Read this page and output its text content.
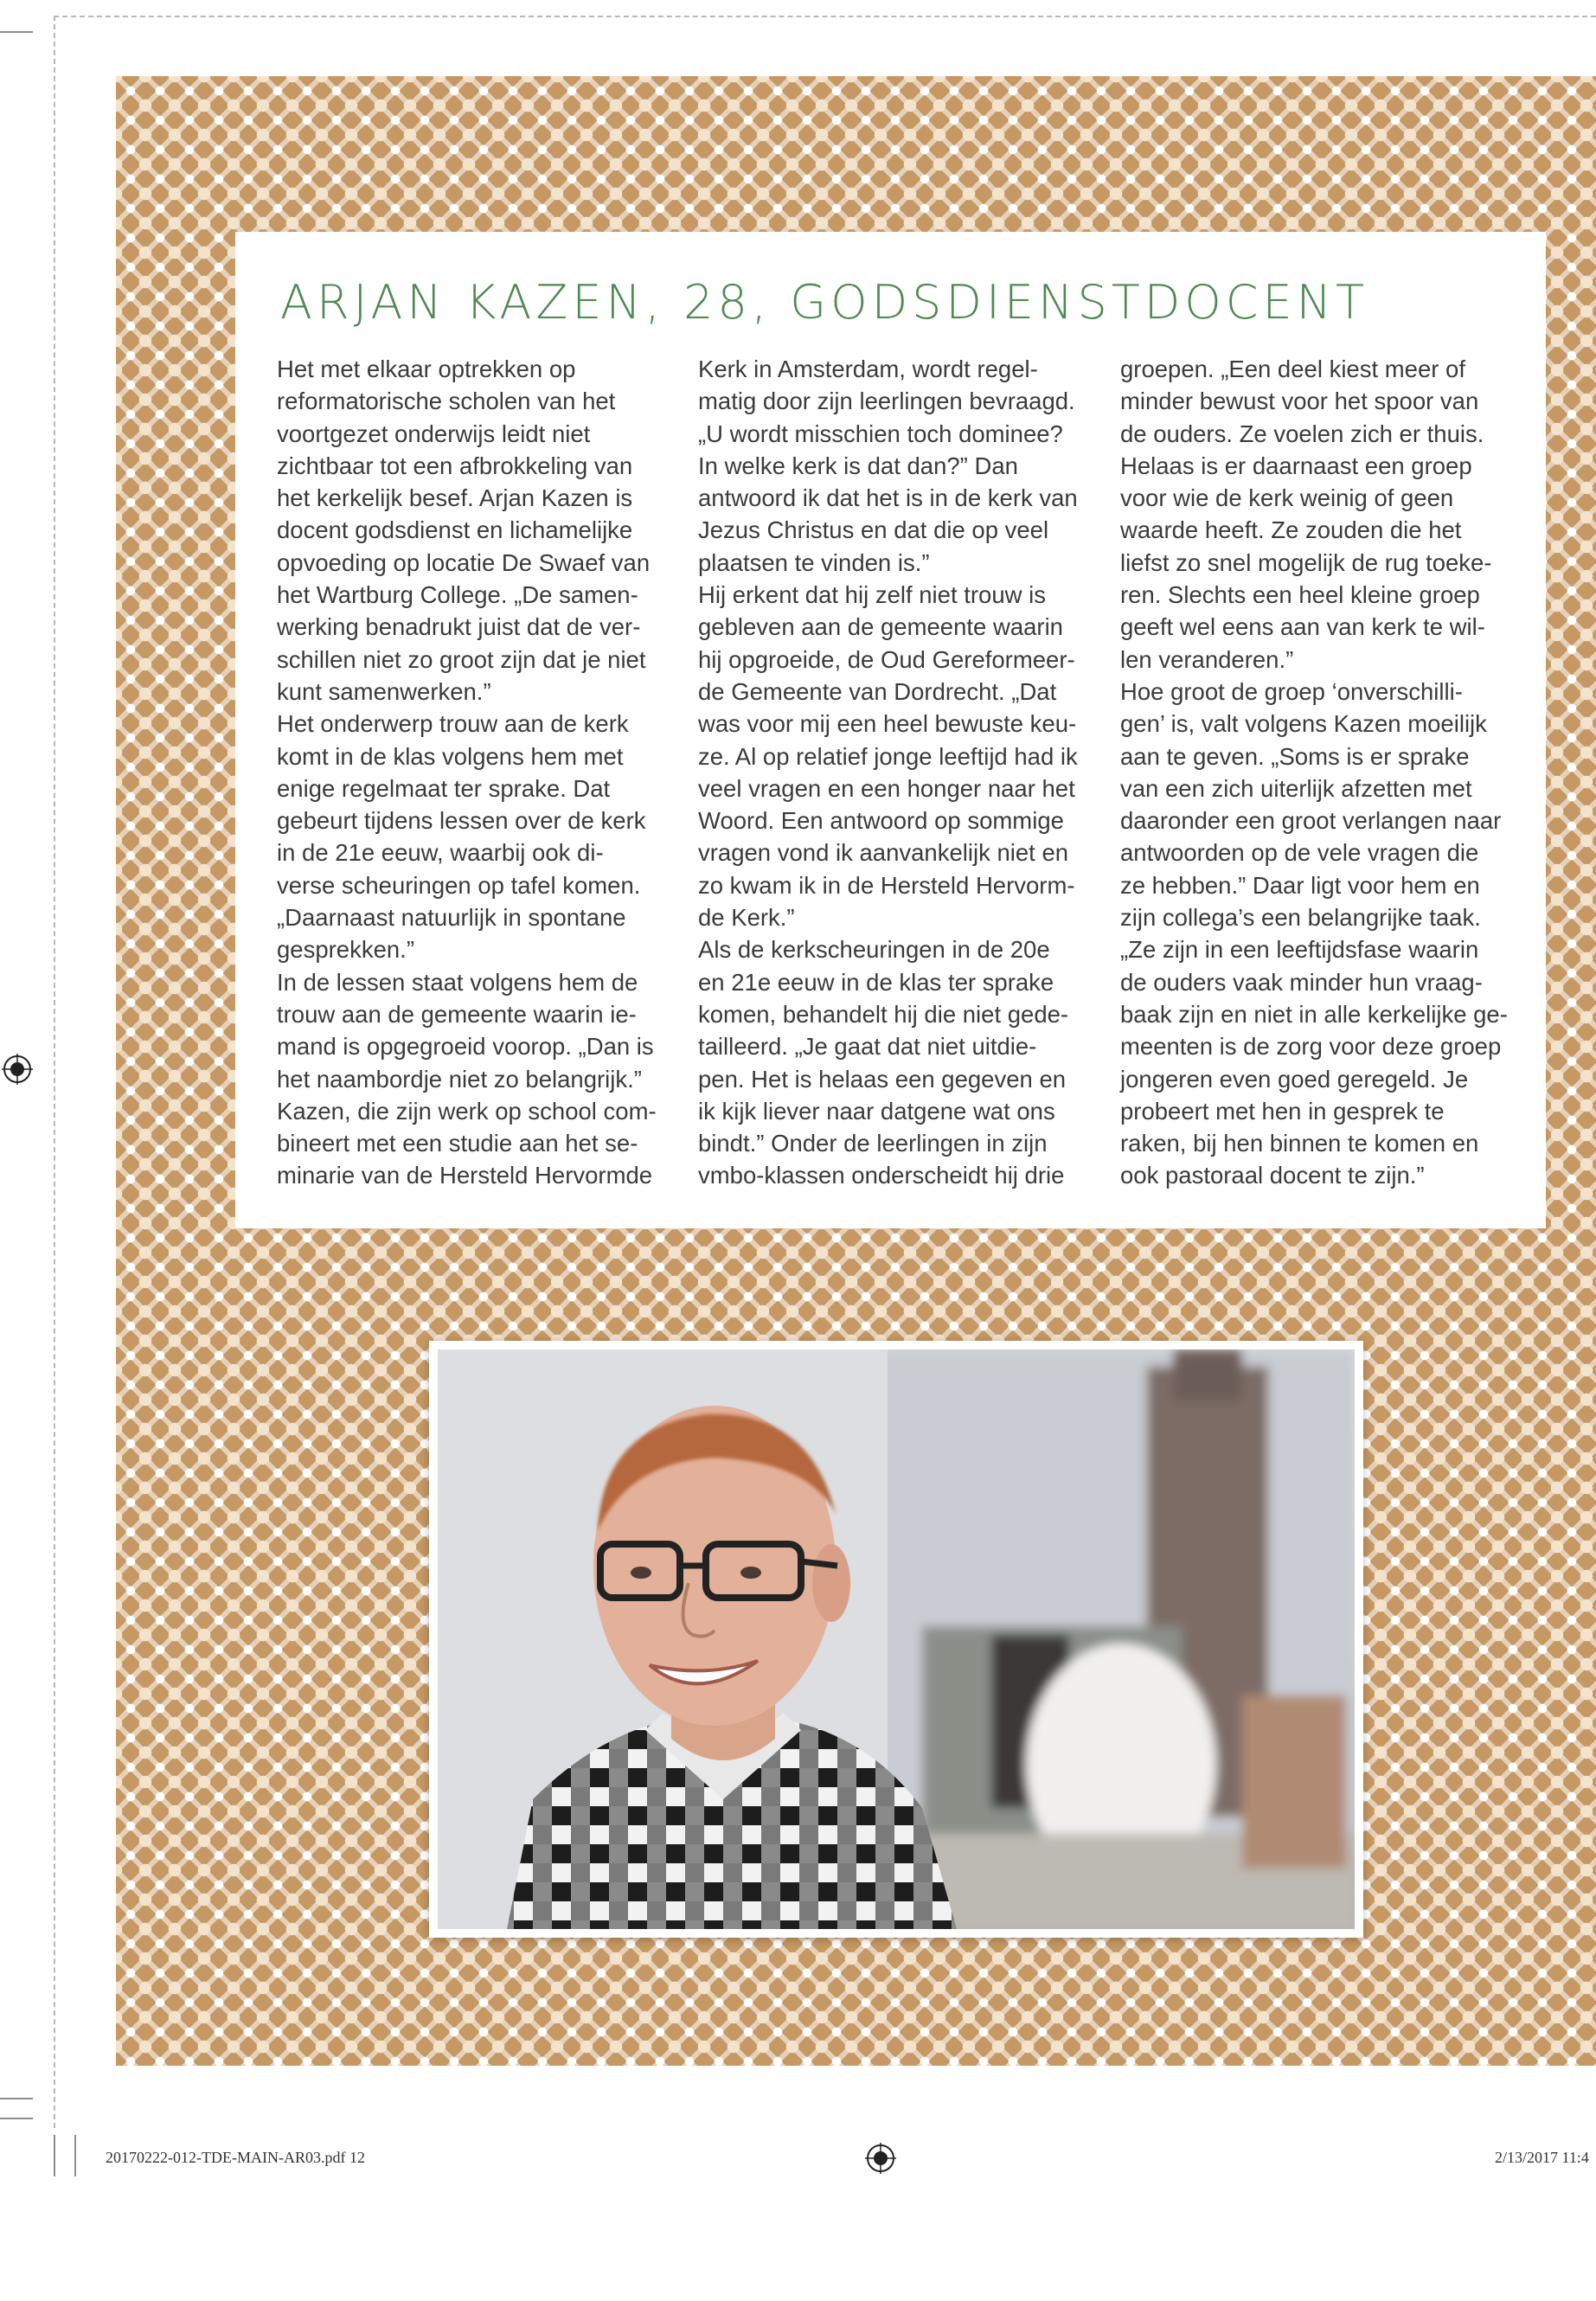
ARJAN KAZEN, 28, GODSDIENSTDOCENT

Het met elkaar optrekken op

reformatorische scholen van het

voortgezet onderwijs leidt niet

zichtbaar tot een afbrokkeling van

het kerkelijk besef. Arjan Kazen is

docent godsdienst en lichamelijke

opvoeding op locatie De Swaef van

het Wartburg College. „De samen-

werking benadrukt juist dat de ver-

schillen niet zo groot zijn dat je niet

kunt samenwerken.”

Het onderwerp trouw aan de kerk

komt in de klas volgens hem met

enige regelmaat ter sprake. Dat

gebeurt tijdens lessen over de kerk

in de 21e eeuw, waarbij ook di-

verse scheuringen op tafel komen.

„Daarnaast natuurlijk in spontane

gesprekken.”

In de lessen staat volgens hem de

trouw aan de gemeente waarin ie-

mand is opgegroeid voorop. „Dan is

het naambordje niet zo belangrijk.”

Kazen, die zijn werk op school com-

bineert met een studie aan het se-

minarie van de Hersteld Hervormde

Kerk in Amsterdam, wordt regel-

matig door zijn leerlingen bevraagd.

„U wordt misschien toch dominee?

In welke kerk is dat dan?” Dan

antwoord ik dat het is in de kerk van

Jezus Christus en dat die op veel

plaatsen te vinden is.”

Hij erkent dat hij zelf niet trouw is

gebleven aan de gemeente waarin

hij opgroeide, de Oud Gereformeer-

de Gemeente van Dordrecht. „Dat

was voor mij een heel bewuste keu-

ze. Al op relatief jonge leeftijd had ik

veel vragen en een honger naar het

Woord. Een antwoord op sommige

vragen vond ik aanvankelijk niet en

zo kwam ik in de Hersteld Hervorm-

de Kerk.”

Als de kerkscheuringen in de 20e

en 21e eeuw in de klas ter sprake

komen, behandelt hij die niet gede-

tailleerd. „Je gaat dat niet uitdie-

pen. Het is helaas een gegeven en

ik kijk liever naar datgene wat ons

bindt.” Onder de leerlingen in zijn

vmbo-klassen onderscheidt hij drie

groepen. „Een deel kiest meer of

minder bewust voor het spoor van

de ouders. Ze voelen zich er thuis.

Helaas is er daarnaast een groep

voor wie de kerk weinig of geen

waarde heeft. Ze zouden die het

liefst zo snel mogelijk de rug toeke-

ren. Slechts een heel kleine groep

geeft wel eens aan van kerk te wil-

len veranderen.”

Hoe groot de groep ‘onverschilli-

gen’ is, valt volgens Kazen moeilijk

aan te geven. „Soms is er sprake

van een zich uiterlijk afzetten met

daaronder een groot verlangen naar

antwoorden op de vele vragen die

ze hebben.” Daar ligt voor hem en

zijn collega’s een belangrijke taak.

„Ze zijn in een leeftijdsfase waarin

de ouders vaak minder hun vraag-

baak zijn en niet in alle kerkelijke ge-

meenten is de zorg voor deze groep

jongeren even goed geregeld. Je

probeert met hen in gesprek te

raken, bij hen binnen te komen en

ook pastoraal docent te zijn.”

20170222-012-TDE-MAIN-AR03.pdf 12	2/13/2017 11:4
